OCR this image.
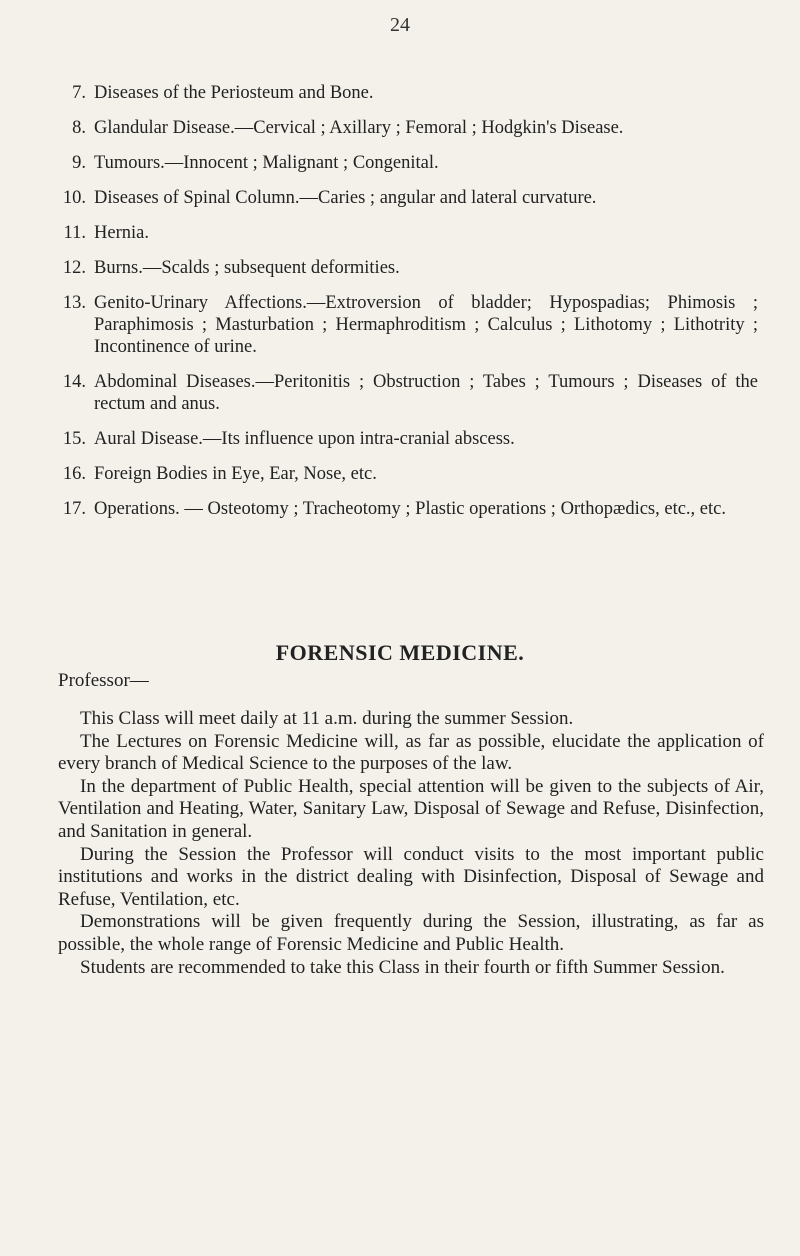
24
7. Diseases of the Periosteum and Bone.
8. Glandular Disease.—Cervical ; Axillary ; Femoral ; Hodgkin's Disease.
9. Tumours.—Innocent ; Malignant ; Congenital.
10. Diseases of Spinal Column.—Caries ; angular and lateral curvature.
11. Hernia.
12. Burns.—Scalds ; subsequent deformities.
13. Genito-Urinary Affections.—Extroversion of bladder; Hypospadias; Phimosis ; Paraphimosis ; Masturbation ; Hermaphroditism ; Calculus ; Lithotomy ; Lithotrity ; Incontinence of urine.
14. Abdominal Diseases.—Peritonitis ; Obstruction ; Tabes ; Tumours ; Diseases of the rectum and anus.
15. Aural Disease.—Its influence upon intra-cranial abscess.
16. Foreign Bodies in Eye, Ear, Nose, etc.
17. Operations. — Osteotomy ; Tracheotomy ; Plastic operations ; Orthopædics, etc., etc.
FORENSIC MEDICINE.
Professor—

This Class will meet daily at 11 a.m. during the summer Session.

The Lectures on Forensic Medicine will, as far as possible, elucidate the application of every branch of Medical Science to the purposes of the law.

In the department of Public Health, special attention will be given to the subjects of Air, Ventilation and Heating, Water, Sanitary Law, Disposal of Sewage and Refuse, Disinfection, and Sanitation in general.

During the Session the Professor will conduct visits to the most important public institutions and works in the district dealing with Disinfection, Disposal of Sewage and Refuse, Ventilation, etc.

Demonstrations will be given frequently during the Session, illustrating, as far as possible, the whole range of Forensic Medicine and Public Health.

Students are recommended to take this Class in their fourth or fifth Summer Session.
